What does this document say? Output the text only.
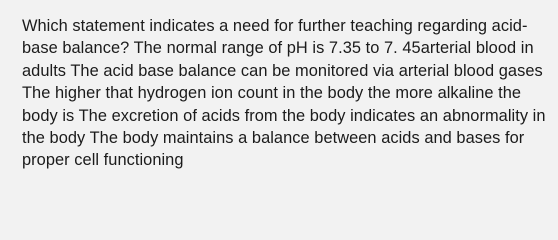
Which statement indicates a need for further teaching regarding acid-base balance? The normal range of pH is 7.35 to 7. 45arterial blood in adults The acid base balance can be monitored via arterial blood gases The higher that hydrogen ion count in the body the more alkaline the body is The excretion of acids from the body indicates an abnormality in the body The body maintains a balance between acids and bases for proper cell functioning
